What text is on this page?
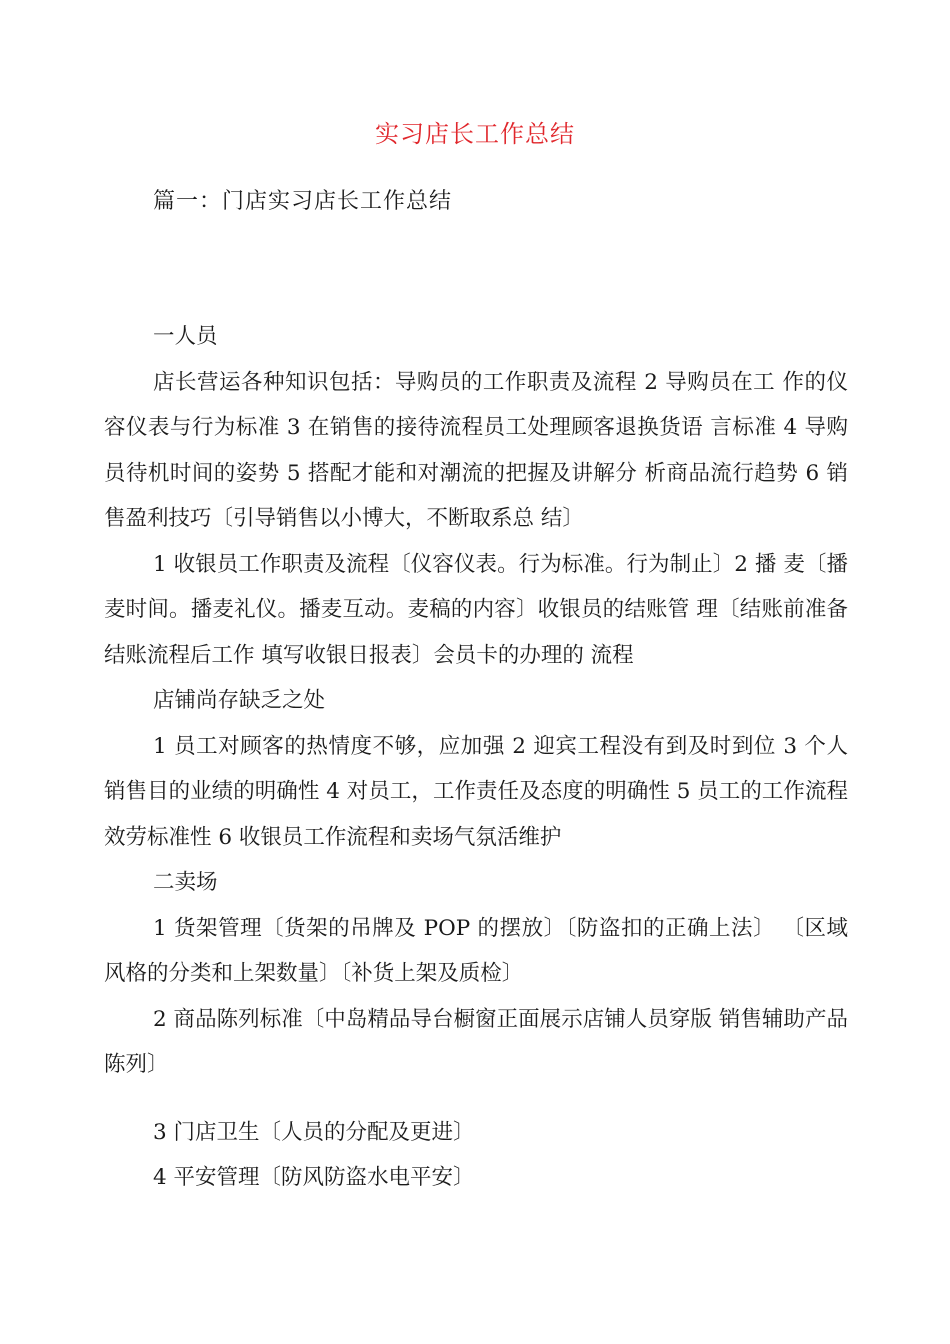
实习店长工作总结
篇一：门店实习店长工作总结

一人员

店长营运各种知识包括：导购员的工作职责及流程 2 导购员在工 作的仪容仪表与行为标准 3 在销售的接待流程员工处理顾客退换货语 言标准 4 导购员待机时间的姿势 5 搭配才能和对潮流的把握及讲解分 析商品流行趋势 6 销售盈利技巧〔引导销售以小博大，不断取系总 结〕

1 收银员工作职责及流程〔仪容仪表。行为标准。行为制止〕2 播 麦〔播麦时间。播麦礼仪。播麦互动。麦稿的内容〕收银员的结账管 理〔结账前准备结账流程后工作 填写收银日报表〕会员卡的办理的 流程

店铺尚存缺乏之处

1 员工对顾客的热情度不够，应加强 2 迎宾工程没有到及时到位 3 个人销售目的业绩的明确性 4 对员工，工作责任及态度的明确性 5 员工的工作流程效劳标准性 6 收银员工作流程和卖场气氛活维护

二卖场

1 货架管理〔货架的吊牌及 POP 的摆放〕〔防盗扣的正确上法〕 〔区域风格的分类和上架数量〕〔补货上架及质检〕

2 商品陈列标准〔中岛精品导台橱窗正面展示店铺人员穿版 销售辅助产品陈列〕

3 门店卫生〔人员的分配及更进〕

4 平安管理〔防风防盗水电平安〕
